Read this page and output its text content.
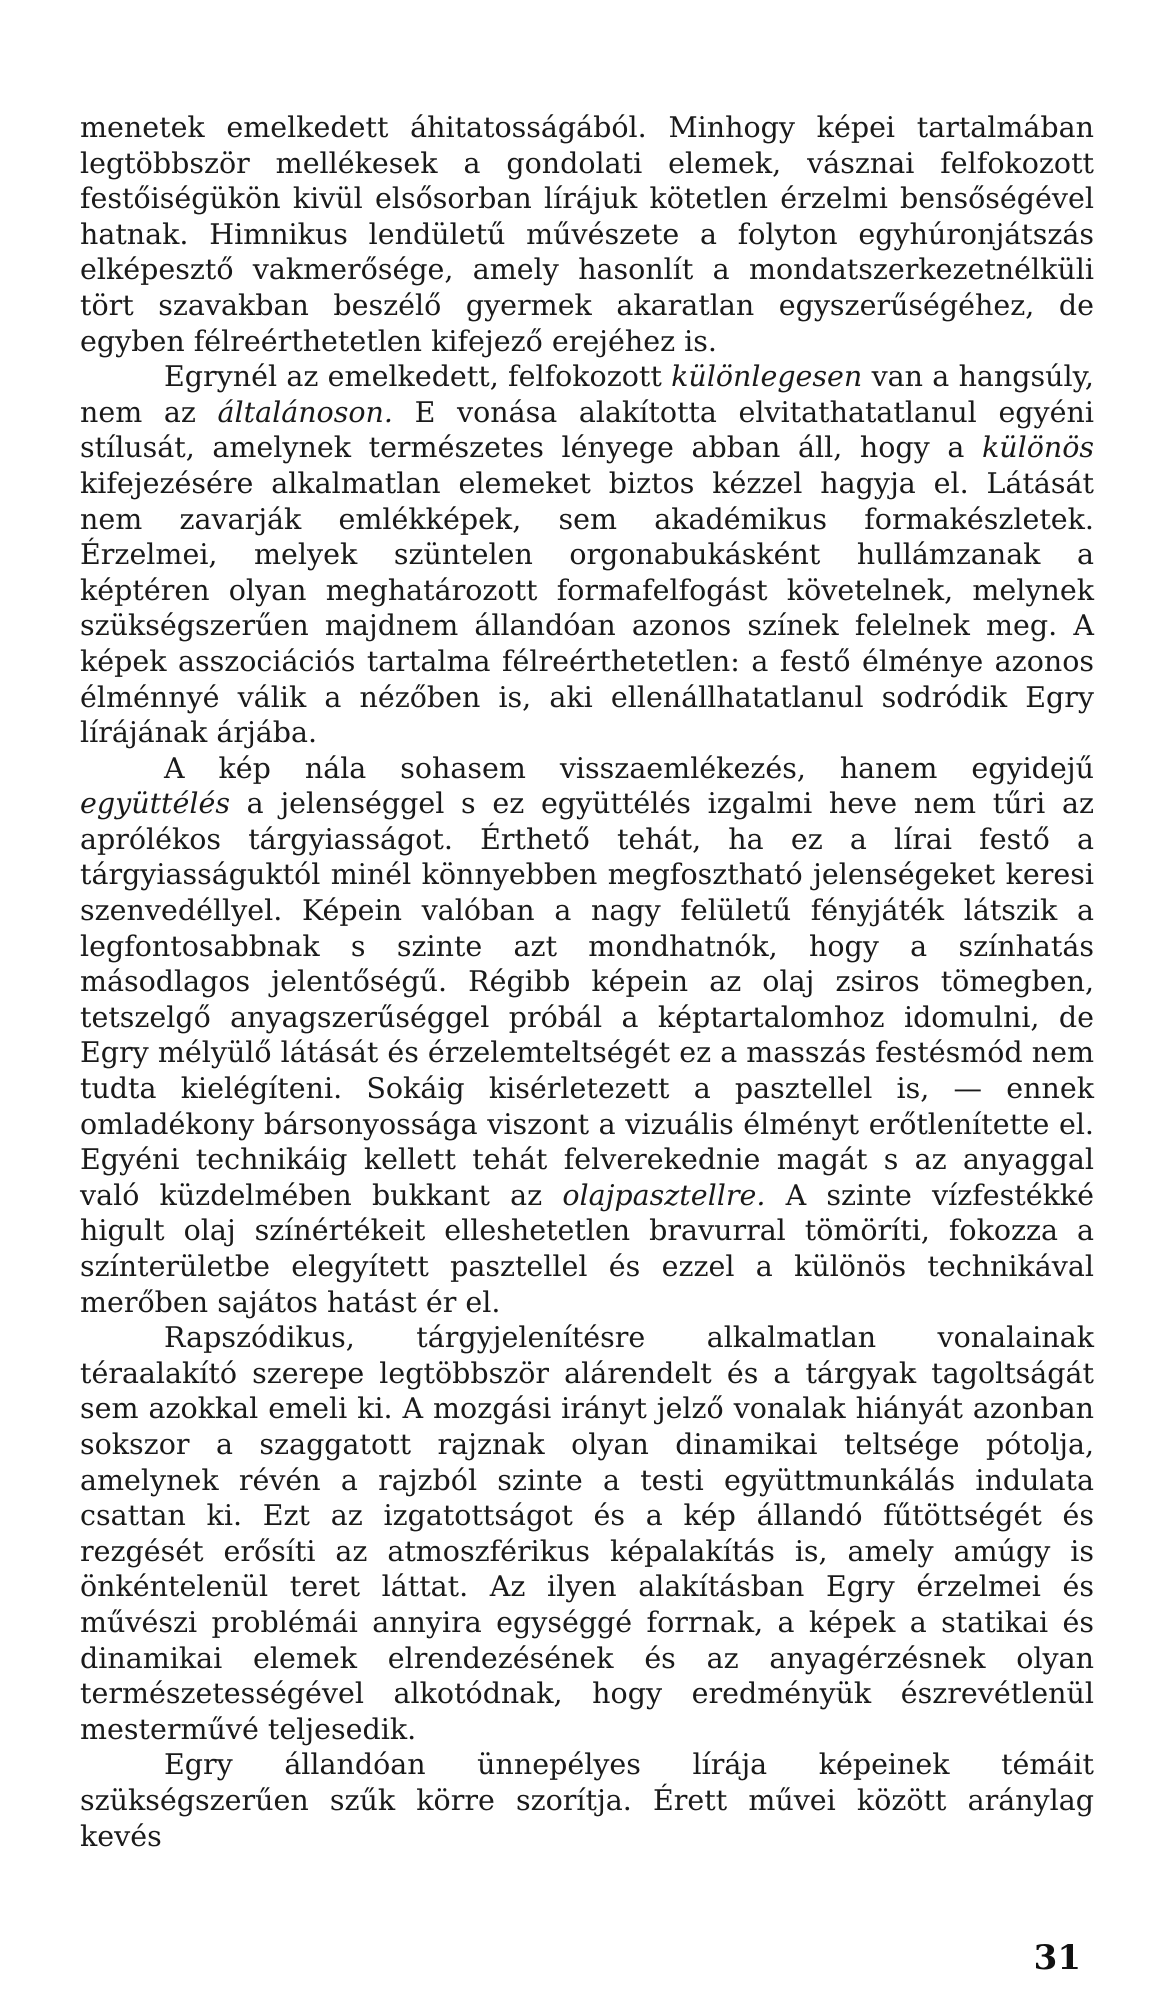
menetek emelkedett áhitatosságából. Minhogy képei tartalmában legtöbbször mellékesek a gondolati elemek, vásznai felfokozott festőiségükön kivül elsősorban lírájuk kötetlen érzelmi bensőségével hatnak. Himnikus lendületű művészete a folyton egyhúronjátszás elképesztő vakmerősége, amely hasonlít a mondatszerkezetnélküli tört szavakban beszélő gyermek akaratlan egyszerűségéhez, de egyben félreérthetetlen kifejező erejéhez is.

Egrynél az emelkedett, felfokozott különlegesen van a hangsúly, nem az általánoson. E vonása alakította elvitathatatlanul egyéni stílusát, amelynek természetes lényege abban áll, hogy a különös kifejezésére alkalmatlan elemeket biztos kézzel hagyja el. Látását nem zavarják emlékképek, sem akadémikus formakészletek. Érzelmei, melyek szüntelen orgonabukásként hullámzanak a képtéren olyan meghatározott formafelfogást követelnek, melynek szükségszerűen majdnem állandóan azonos színek felelnek meg. A képek asszociációs tartalma félreérthetetlen: a festő élménye azonos élménnyé válik a nézőben is, aki ellenállhatatlanul sodródik Egry lírájának árjába.

A kép nála sohasem visszaemlékezés, hanem egyidejű együttélés a jelenséggel s ez együttélés izgalmi heve nem tűri az aprólékos tárgyiasságot. Érthető tehát, ha ez a lírai festő a tárgyiasságuktól minél könnyebben megfosztható jelenségeket keresi szenvedéllyel. Képein valóban a nagy felületű fényjáték látszik a legfontosabbnak s szinte azt mondhatnók, hogy a színhatás másodlagos jelentőségű. Régibb képein az olaj zsiros tömegben, tetszelgő anyagszerűséggel próbál a képtartalomhoz idomulni, de Egry mélyülő látását és érzelemteltségét ez a masszás festésmód nem tudta kielégíteni. Sokáig kisérletezett a pasztellel is, — ennek omladékony bársonyossága viszont a vizuális élményt erőtlenítette el. Egyéni technikáig kellett tehát felverekednie magát s az anyaggal való küzdelmében bukkant az olajpasztellre. A szinte vízfestékké higult olaj színértékeit elleshetetlen bravurral tömöríti, fokozza a színterületbe elegyített pasztellel és ezzel a különös technikával merőben sajátos hatást ér el.

Rapszódikus, tárgyjelenítésre alkalmatlan vonalainak téraalakító szerepe legtöbbször alárendelt és a tárgyak tagoltságát sem azokkal emeli ki. A mozgási irányt jelző vonalak hiányát azonban sokszor a szaggatott rajznak olyan dinamikai teltsége pótolja, amelynek révén a rajzból szinte a testi együttmunkálás indulata csattan ki. Ezt az izgatottságot és a kép állandó fűtöttségét és rezgését erősíti az atmoszférikus képalakítás is, amely amúgy is önkéntelenül teret láttat. Az ilyen alakításban Egry érzelmei és művészi problémái annyira egységgé forrnak, a képek a statikai és dinamikai elemek elrendezésének és az anyagérzésnek olyan természetességével alkotódnak, hogy eredményük észrevétlenül mesterművé teljesedik.

Egry állandóan ünnepélyes lírája képeinek témáit szükségszerűen szűk körre szorítja. Érett művei között aránylag kevés

31
